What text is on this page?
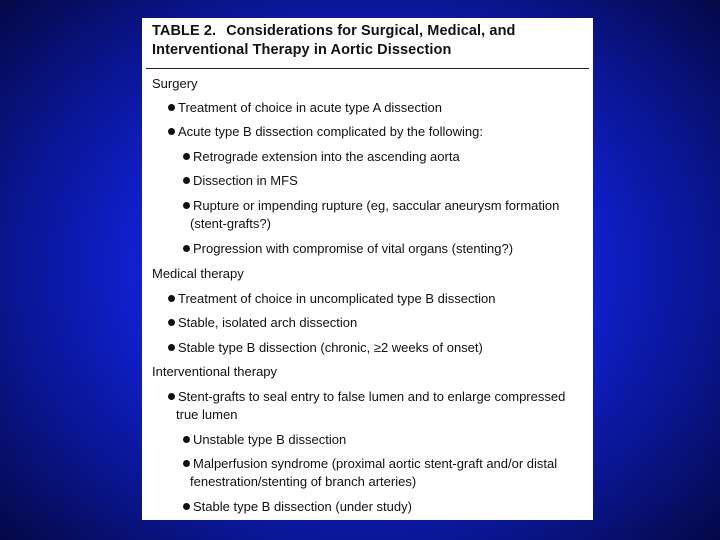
TABLE 2. Considerations for Surgical, Medical, and
Interventional Therapy in Aortic Dissection
Surgery
Treatment of choice in acute type A dissection
Acute type B dissection complicated by the following:
Retrograde extension into the ascending aorta
Dissection in MFS
Rupture or impending rupture (eg, saccular aneurysm formation
(stent-grafts?)
Progression with compromise of vital organs (stenting?)
Medical therapy
Treatment of choice in uncomplicated type B dissection
Stable, isolated arch dissection
Stable type B dissection (chronic, ≥2 weeks of onset)
Interventional therapy
Stent-grafts to seal entry to false lumen and to enlarge compressed
true lumen
Unstable type B dissection
Malperfusion syndrome (proximal aortic stent-graft and/or distal
fenestration/stenting of branch arteries)
Stable type B dissection (under study)
